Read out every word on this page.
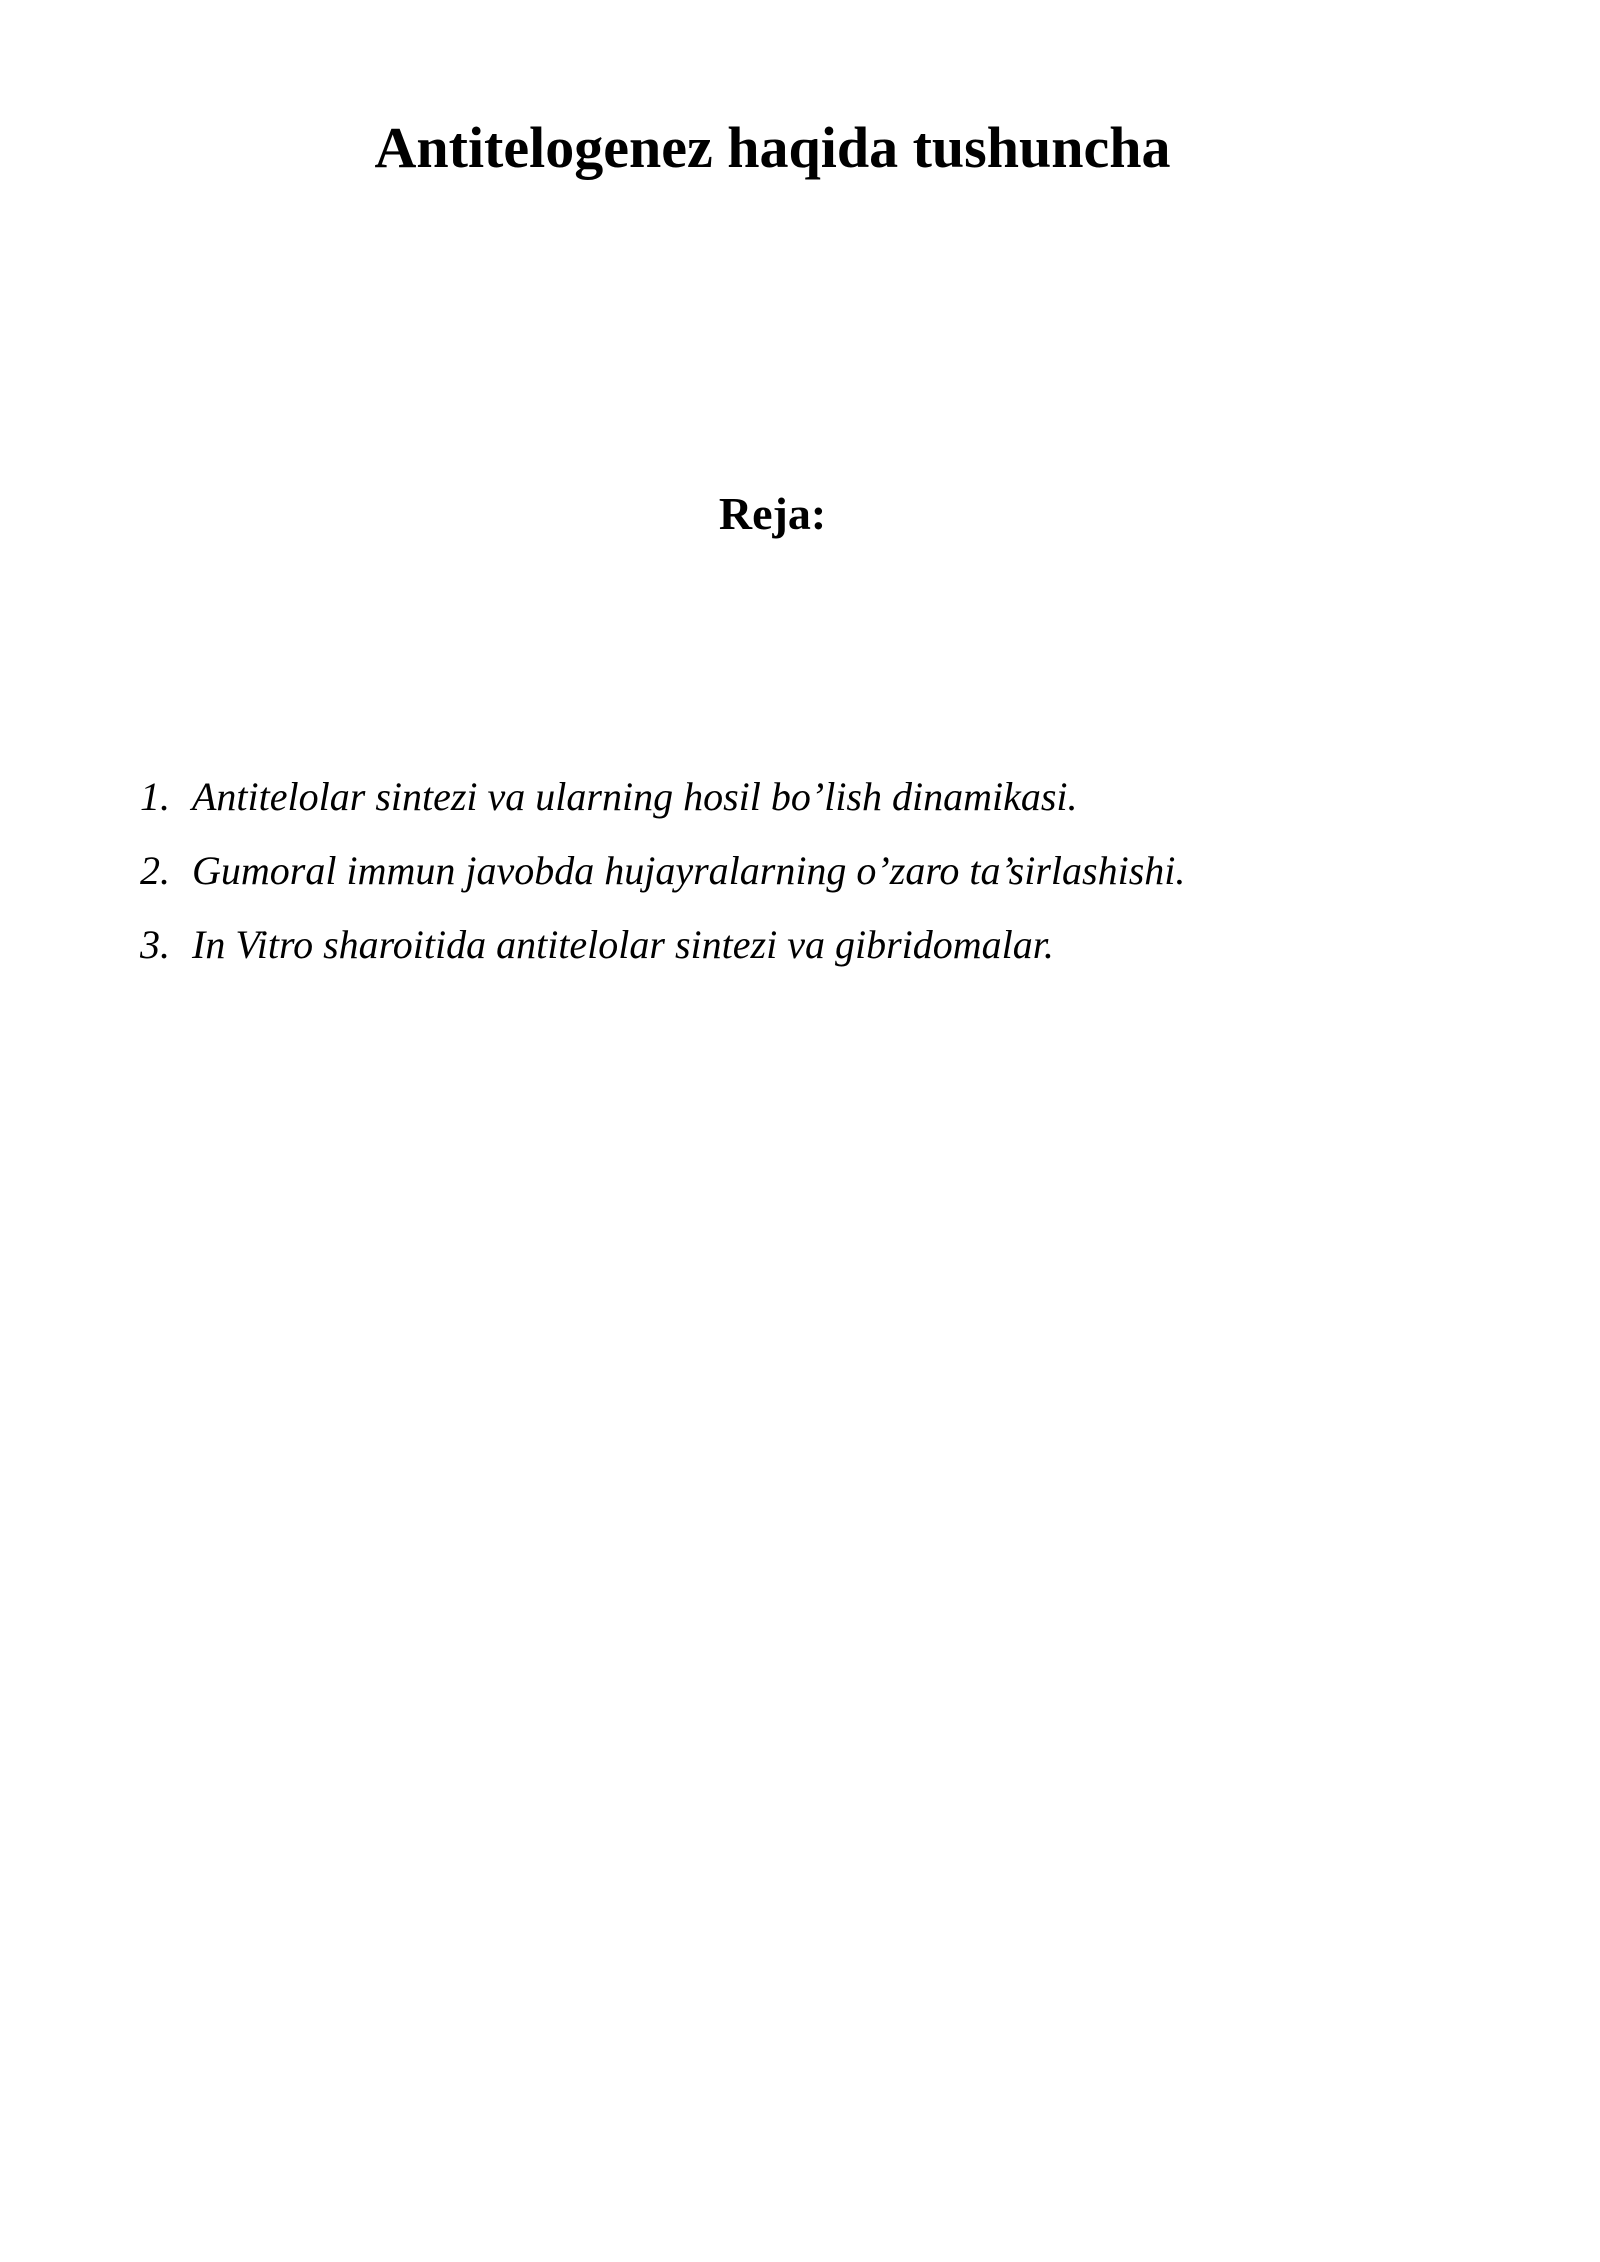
Antitelogenez haqida tushuncha
Reja:
1. Antitelolar sintezi va ularning hosil bo’lish dinamikasi.
2. Gumoral immun javobda hujayralarning o’zaro ta’sirlashishi.
3. In Vitro sharoitida antitelolar sintezi va gibridomalar.
